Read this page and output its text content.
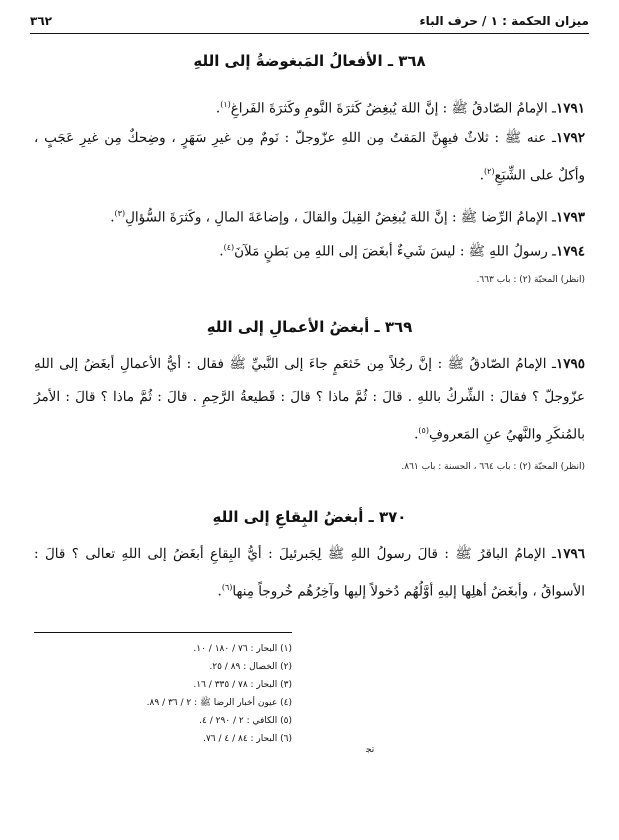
ميزان الحكمة : ١ / حرف الباء
٣٦٢
٣٦٨ ـ الأفعالُ المَبغوضةُ إلى اللهِ
١٧٩١ـ الإمامُ الصّادقُ ﷺ : إنَّ اللهَ يُبغِضُ كَثرَةَ النَّومِ وكَثرَةَ الفَراغِ$^{(١)}$.
١٧٩٢ـ عنه ﷺ : ثلاثٌ فيهِنَّ المَقتُ مِن اللهِ عزّوجلّ : نَومٌ مِن غيرِ سَهَرٍ ، وضِحكٌ مِن غيرِ عَجَبٍ ، وأكلٌ على الشِّبَعِ$^{(٢)}$.
١٧٩٣ـ الإمامُ الرِّضا ﷺ : إنَّ اللهَ يُبغِضُ القِيلَ والقالَ ، وإضاعَةَ المالِ ، وكَثرَةَ السُّؤالِ$^{(٣)}$.
١٧٩٤ـ رسولُ اللهِ ﷺ : ليسَ شَيءٌ أبغَضَ إلى اللهِ مِن بَطنٍ مَلآنَ$^{(٤)}$.
(انظر) المحبّة (٢) : باب ٦٦٣.
٣٦٩ ـ أبغضُ الأعمالِ إلى اللهِ
١٧٩٥ـ الإمامُ الصّادقُ ﷺ : إنَّ رجُلاً مِن خَثعَمٍ جاءَ إلى النَّبيِّ ﷺ فقال : أيُّ الأعمالِ أبغَضُ إلى اللهِ عزّوجلّ ؟ فقالَ : الشِّركُ باللهِ . قالَ : ثُمَّ ماذا ؟ قالَ : قَطيعةُ الرَّحِمِ . قالَ : ثُمَّ ماذا ؟ قالَ : الأمرُ بالمُنكَرِ والنَّهيُ عنِ المَعروفِ$^{(٥)}$.
(انظر) المحبّة (٢) : باب ٦٦٤ ، الحسنة : باب ٨٦١.
٣٧٠ ـ أبغضُ البِقاعِ إلى اللهِ
١٧٩٦ـ الإمامُ الباقرُ ﷺ : قالَ رسولُ اللهِ ﷺ لِجَبرئيلَ : أيُّ البِقاعِ أبغَضُ إلى اللهِ تعالى ؟ قالَ : الأسواقُ ، وأبغَضُ أهلِها إليهِ أوَّلُهُم دُخولاً إليها وآخِرُهُم خُروجاً مِنها$^{(٦)}$.
(١) البحار : ٧٦ / ١٨٠ / ١٠.
(٢) الخصال : ٨٩ / ٢٥.
(٣) البحار : ٧٨ / ٣٣٥ / ١٦.
(٤) عيون أخبار الرضا ﷺ : ٢ / ٣٦ / ٨٩.
(٥) الكافي : ٢ / ٢٩٠ / ٤.
(٦) البحار : ٨٤ / ٤ / ٧٦.
ﺗﺠ
